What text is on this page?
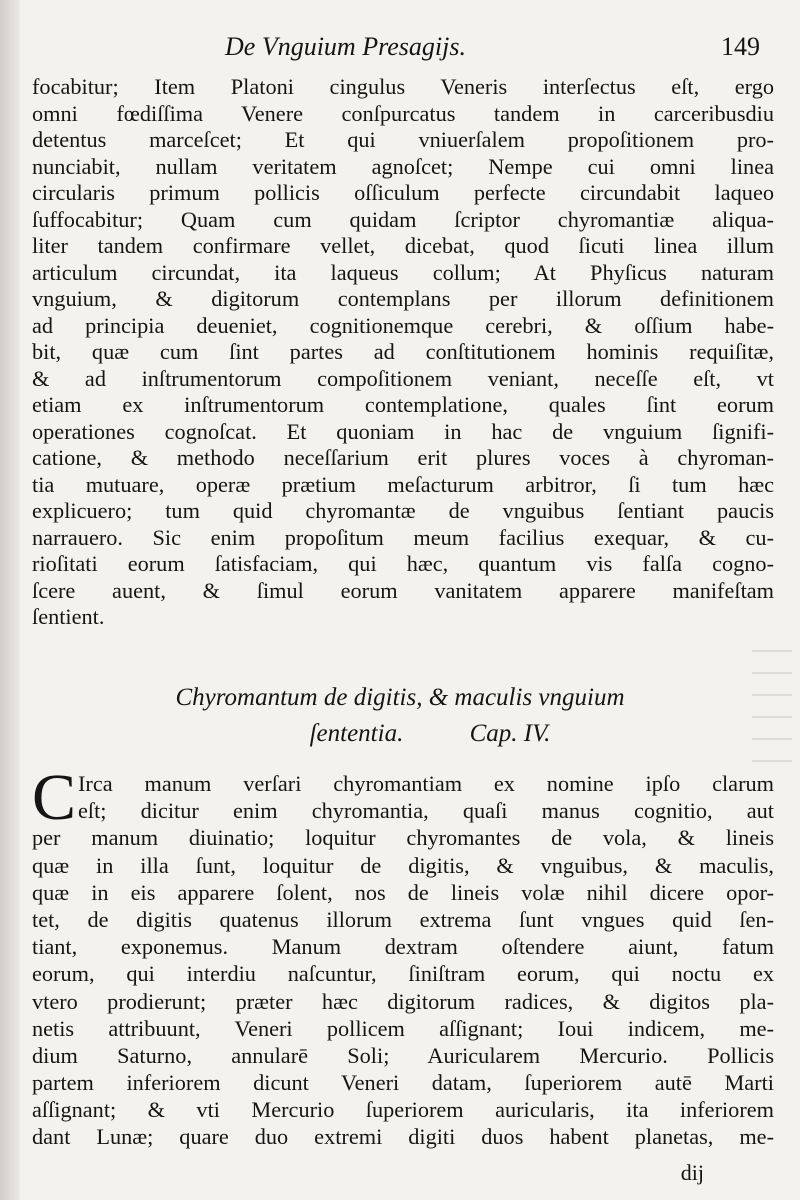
De Vnguium Presagijs.	149
focabitur; Item Platoni cingulus Veneris interſectus eſt, ergo
omni fœdiſſima Venere conſpurcatus tandem in carceribusdiu
detentus marceſcet; Et qui vniuerſalem propoſitionem pro-
nunciabit, nullam veritatem agnoſcet; Nempe cui omni linea
circularis primum pollicis oſſiculum perfecte circundabit laqueo
ſuffocabitur; Quam cum quidam ſcriptor chyromantiæ aliqua-
liter tandem confirmare vellet, dicebat, quod ſicuti linea illum
articulum circundat, ita laqueus collum; At Phyſicus naturam
vnguium, & digitorum contemplans per illorum definitionem
ad principia deueniet, cognitionemque cerebri, & oſſium habe-
bit, quæ cum ſint partes ad conſtitutionem hominis requiſitæ,
& ad inſtrumentorum compoſitionem veniant, neceſſe eſt, vt
etiam ex inſtrumentorum contemplatione, quales ſint eorum
operationes cognoſcat. Et quoniam in hac de vnguium ſignifi-
catione, & methodo neceſſarium erit plures voces à chyroman-
tia mutuare, operæ prætium meſacturum arbitror, ſi tum hæc
explicuero; tum quid chyromantæ de vnguibus ſentiant paucis
narrauero. Sic enim propoſitum meum facilius exequar, & cu-
rioſitati eorum ſatisfaciam, qui hæc, quantum vis falſa cogno-
ſcere auent, & ſimul eorum vanitatem apparere manifeſtam
ſentient.
Chyromantum de digitis, & maculis vnguium
ſententia.	Cap. IV.
C Irca manum verſari chyromantiam ex nomine ipſo clarum
eſt; dicitur enim chyromantia, quaſi manus cognitio, aut
per manum diuinatio; loquitur chyromantes de vola, & lineis
quæ in illa ſunt, loquitur de digitis, & vnguibus, & maculis,
quæ in eis apparere ſolent, nos de lineis volæ nihil dicere opor-
tet, de digitis quatenus illorum extrema ſunt vngues quid ſen-
tiant, exponemus. Manum dextram oſtendere aiunt, fatum
eorum, qui interdiu naſcuntur, ſiniſtram eorum, qui noctu ex
vtero prodierunt; præter hæc digitorum radices, & digitos pla-
netis attribuunt, Veneri pollicem aſſignant; Ioui indicem, me-
dium Saturno, annularē Soli; Auricularem Mercurio. Pollicis
partem inferiorem dicunt Veneri datam, ſuperiorem autē Marti
aſſignant; & vti Mercurio ſuperiorem auricularis, ita inferiorem
dant Lunæ; quare duo extremi digiti duos habent planetas, me-
dij
